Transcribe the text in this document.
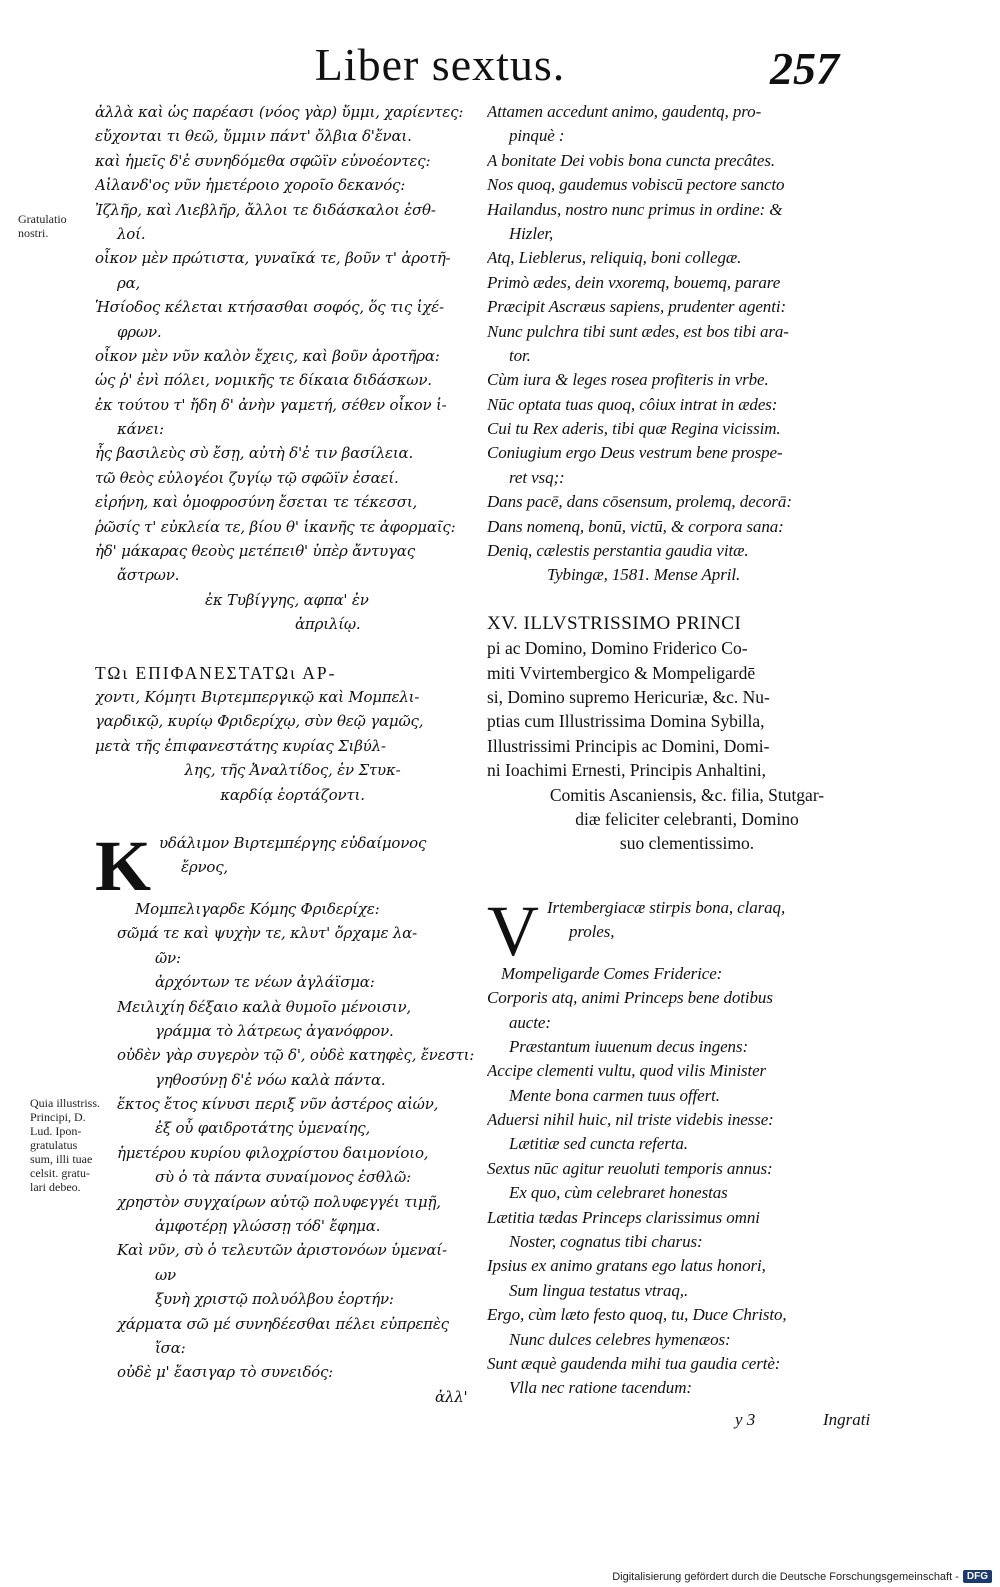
Liber sextus.	257
Gratulatio
nostri.
Quia illustriss.
Principi, D.
Lud. Ipon-
gratulatus
sum, illi tuae
celsit. gratu-
lari debeo.
ἀλλὰ καὶ ὡς παρέασι (νόος γὰρ) ὔμμι, χαρίεντες:
εὔχονται τι θεῶ, ὔμμιν πάντ' ὄλβια δ'ἔναι.
καὶ ἡμεῖς δ'ἐ συνηδόμεθα σφῶϊν εὐνοέοντες:
Αἰλανδ'ος νῦν ἡμετέροιο χοροῖο δεκανός:
Ἰζλῆρ, καὶ Λιεβλῆρ, ἄλλοι τε διδάσκαλοι ἐσθ-
λοί.
οἶκον μὲν πρώτιστα, γυναῖκά τε, βοῦν τ' ἀροτῆ-
ρα,
Ἡσίοδος κέλεται κτήσασθαι σοφός, ὅς τις ἰχέ-
φρων.
οἶκον μὲν νῦν καλὸν ἔχεις, καὶ βοῦν ἀροτῆρα:
ὡς ῥ' ἐνὶ πόλει, νομικῆς τε δίκαια διδάσκων.
ἐκ τούτου τ' ἤδη δ' ἀνὴν γαμετή, σέθεν οἶκον ἱ-
κάνει:
ἧς βασιλεὺς σὺ ἔσῃ, αὐτὴ δ'ἐ τιν βασίλεια.
τῶ θεὸς εὐλογέοι ζυγίῳ τῷ σφῶϊν ἐσαεί.
εἰρήνη, καὶ ὁμοφροσύνη ἔσεται τε τέκεσσι,
ῥῶσίς τ' εὐκλεία τε, βίου θ' ἱκανῆς τε ἀφορμαῖς:
ἠδ' μάκαρας θεοὺς μετέπειθ' ὑπὲρ ἄντυγας
ἄστρων.
ἐκ Τυβίγγης, αφπα' ἐν
ἀπριλίῳ.
ΤΩι ΕΠΙΦΑΝΕΣΤΑΤΩι ΑΡ-
χοντι, Κόμητι Βιρτεμπεργικῷ καὶ Μομπελι-
γαρδικῷ, κυρίῳ Φριδερίχῳ, σὺν θεῷ γαμῶς,
μετὰ τῆς ἐπιφανεστάτης κυρίας Σιβύλ-
λης, τῆς Ἀναλτίδος, ἐν Στυκ-
καρδίᾳ ἑορτάζοντι.
K υδάλιμον Βιρτεμπέργης εὐδαίμονος
ἔρνος,
Μομπελιγαρδε Κόμης Φριδερίχε:
σῶμά τε καὶ ψυχὴν τε, κλυτ' ὄρχαμε λα-
ῶν:
ἀρχόντων τε νέων ἀγλάϊσμα:
Μειλιχίη δέξαιο καλὰ θυμοῖο μένοισιν,
γράμμα τὸ λάτρεως ἀγανόφρον.
οὐδὲν γὰρ συγερὸν τῷ δ', οὐδὲ κατηφὲς, ἔνεστι:
γηθοσύνῃ δ'ἐ νόω καλὰ πάντα.
ἕκτος ἔτος κίνυσι περιξ νῦν ἀστέρος αἰών,
ἐξ οὗ φαιδροτάτης ὑμεναίης,
ἡμετέρου κυρίου φιλοχρίστου δαιμονίοιο,
σὺ ὁ τὰ πάντα συναίμονος ἐσθλῶ:
χρηστὸν συγχαίρων αὐτῷ πολυφεγγέι τιμῇ,
ἀμφοτέρῃ γλώσσῃ τόδ' ἔφημα.
Καὶ νῦν, σὺ ὁ τελευτῶν ἀριστονόων ὑμεναί-
ων
ξυνὴ χριστῷ πολυόλβου ἑορτήν:
χάρματα σῶ μέ συνηδέεσθαι πέλει εὐπρεπὲς
ἴσα:
οὐδὲ μ' ἔασιγαρ τὸ συνειδός:
ἀλλ'
Attamen accedunt animo, gaudentq, pro-
pinquè :
A bonitate Dei vobis bona cuncta precâtes.
Nos quoq, gaudemus vobiscū pectore sancto
Hailandus, nostro nunc primus in ordine: &
Hizler,
Atq, Lieblerus, reliquiq, boni collegæ.
Primò ædes, dein vxoremq, bouemq, parare
Præcipit Ascræus sapiens, prudenter agenti:
Nunc pulchra tibi sunt ædes, est bos tibi ara-
tor.
Cùm iura & leges rosea profiteris in vrbe.
Nūc optata tuas quoq, côiux intrat in ædes:
Cui tu Rex aderis, tibi quæ Regina vicissim.
Coniugium ergo Deus vestrum bene prospe-
ret vsq;:
Dans pacē, dans cōsensum, prolemq, decorā:
Dans nomenq, bonū, victū, & corpora sana:
Deniq, cælestis perstantia gaudia vitæ.
Tybingæ, 1581. Mense April.
XV. ILLVSTRISSIMO PRINCI
pi ac Domino, Domino Friderico Co-
miti Vvirtembergico & Mompeligardē
si, Domino supremo Hericuriæ, &c. Nu-
ptias cum Illustrissima Domina Sybilla,
Illustrissimi Principis ac Domini, Domi-
ni Ioachimi Ernesti, Principis Anhaltini,
Comitis Ascaniensis, &c. filia, Stutgar-
diæ feliciter celebranti, Domino
suo clementissimo.
V Irtembergiacæ stirpis bona, claraq,
proles,
Mompeligarde Comes Friderice:
Corporis atq, animi Princeps bene dotibus
aucte:
Præstantum iuuenum decus ingens:
Accipe clementi vultu, quod vilis Minister
Mente bona carmen tuus offert.
Aduersi nihil huic, nil triste videbis inesse:
Lætitiæ sed cuncta referta.
Sextus nūc agitur reuoluti temporis annus:
Ex quo, cùm celebraret honestas
Lætitia tædas Princeps clarissimus omni
Noster, cognatus tibi charus:
Ipsius ex animo gratans ego latus honori,
Sum lingua testatus vtraq,.
Ergo, cùm læto festo quoq, tu, Duce Christo,
Nunc dulces celebres hymenæos:
Sunt æquè gaudenda mihi tua gaudia certè:
Vlla nec ratione tacendum:
y 3	Ingrati
Digitalisierung gefördert durch die Deutsche Forschungsgemeinschaft - DFG
